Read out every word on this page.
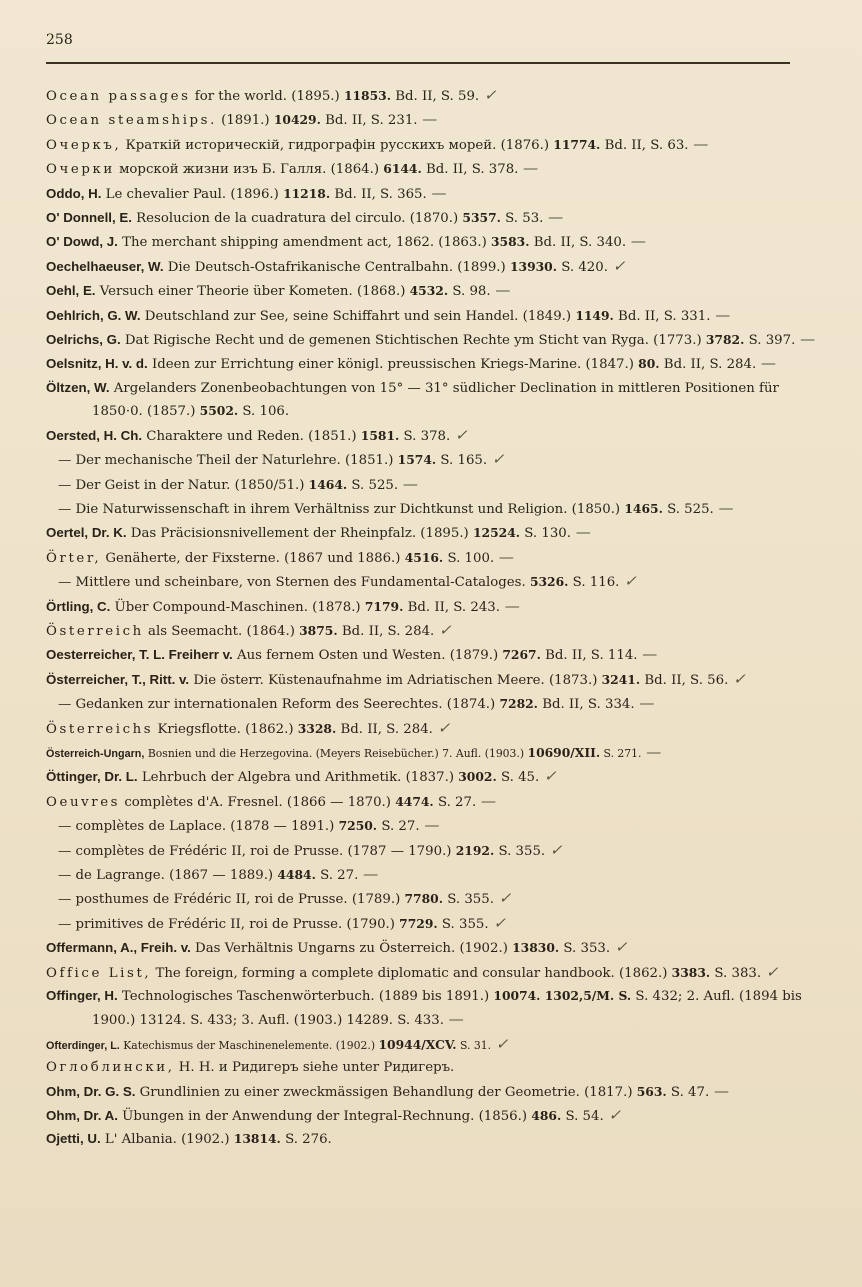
258
Ocean passages for the world. (1895.) 11853. Bd. II, S. 59. ✓
Ocean steamships. (1891.) 10429. Bd. II, S. 231. —
Очеркъ, Краткій историческій, гидрографін русскихъ морей. (1876.) 11774. Bd. II, S. 63. —
Очерки морской жизни изъ Б. Галля. (1864.) 6144. Bd. II, S. 378. —
Oddo, H. Le chevalier Paul. (1896.) 11218. Bd. II, S. 365. —
O' Donnell, E. Resolucion de la cuadratura del circulo. (1870.) 5357. S. 53. —
O' Dowd, J. The merchant shipping amendment act, 1862. (1863.) 3583. Bd. II, S. 340. —
Oechelhaeuser, W. Die Deutsch-Ostafrikanische Centralbahn. (1899.) 13930. S. 420. ✓
Oehl, E. Versuch einer Theorie über Kometen. (1868.) 4532. S. 98. —
Oehlrich, G. W. Deutschland zur See, seine Schiffahrt und sein Handel. (1849.) 1149. Bd. II, S. 331. —
Oelrichs, G. Dat Rigische Recht und de gemenen Stichtischen Rechte ym Sticht van Ryga. (1773.) 3782. S. 397. —
Oelsnitz, H. v. d. Ideen zur Errichtung einer königl. preussischen Kriegs-Marine. (1847.) 80. Bd. II, S. 284. —
Öltzen, W. Argelanders Zonenbeobachtungen von 15° — 31° südlicher Declination in mittleren Positionen für 1850·0. (1857.) 5502. S. 106.
Oersted, H. Ch. Charaktere und Reden. (1851.) 1581. S. 378. ✓
— Der mechanische Theil der Naturlehre. (1851.) 1574. S. 165. ✓
— Der Geist in der Natur. (1850/51.) 1464. S. 525. —
— Die Naturwissenschaft in ihrem Verhältniss zur Dichtkunst und Religion. (1850.) 1465. S. 525. —
Oertel, Dr. K. Das Präcisionsnivellement der Rheinpfalz. (1895.) 12524. S. 130. —
Örter, Genäherte, der Fixsterne. (1867 und 1886.) 4516. S. 100. —
— Mittlere und scheinbare, von Sternen des Fundamental-Cataloges. 5326. S. 116. ✓
Örtling, C. Über Compound-Maschinen. (1878.) 7179. Bd. II, S. 243. —
Österreich als Seemacht. (1864.) 3875. Bd. II, S. 284. ✓
Oesterreicher, T. L. Freiherr v. Aus fernem Osten und Westen. (1879.) 7267. Bd. II, S. 114. —
Österreicher, T., Ritt. v. Die österr. Küstenaufnahme im Adriatischen Meere. (1873.) 3241. Bd. II, S. 56. ✓
— Gedanken zur internationalen Reform des Seerechtes. (1874.) 7282. Bd. II, S. 334. —
Österreichs Kriegsflotte. (1862.) 3328. Bd. II, S. 284. ✓
Österreich-Ungarn, Bosnien und die Herzegovina. (Meyers Reisebücher.) 7. Aufl. (1903.) 10690/XII. S. 271. —
Öttinger, Dr. L. Lehrbuch der Algebra und Arithmetik. (1837.) 3002. S. 45. ✓
Oeuvres complètes d'A. Fresnel. (1866 — 1870.) 4474. S. 27. —
— complètes de Laplace. (1878 — 1891.) 7250. S. 27. —
— complètes de Frédéric II, roi de Prusse. (1787 — 1790.) 2192. S. 355. ✓
— de Lagrange. (1867 — 1889.) 4484. S. 27. —
— posthumes de Frédéric II, roi de Prusse. (1789.) 7780. S. 355. ✓
— primitives de Frédéric II, roi de Prusse. (1790.) 7729. S. 355. ✓
Offermann, A., Freih. v. Das Verhältnis Ungarns zu Österreich. (1902.) 13830. S. 353. ✓
Office List, The foreign, forming a complete diplomatic and consular handbook. (1862.) 3383. S. 383. ✓
Offinger, H. Technologisches Taschenwörterbuch. (1889 bis 1891.) 10074. 1302,5/M. S. S. 432; 2. Aufl. (1894 bis 1900.) 13124. S. 433; 3. Aufl. (1903.) 14289. S. 433. —
Ofterdinger, L. Katechismus der Maschinenelemente. (1902.) 10944/XCV. S. 31. ✓
Оглоблински, Н. Н. и Ридигеръ siehe unter Ридигеръ.
Ohm, Dr. G. S. Grundlinien zu einer zweckmässigen Behandlung der Geometrie. (1817.) 563. S. 47. —
Ohm, Dr. A. Übungen in der Anwendung der Integral-Rechnung. (1856.) 486. S. 54. ✓
Ojetti, U. L' Albania. (1902.) 13814. S. 276.
